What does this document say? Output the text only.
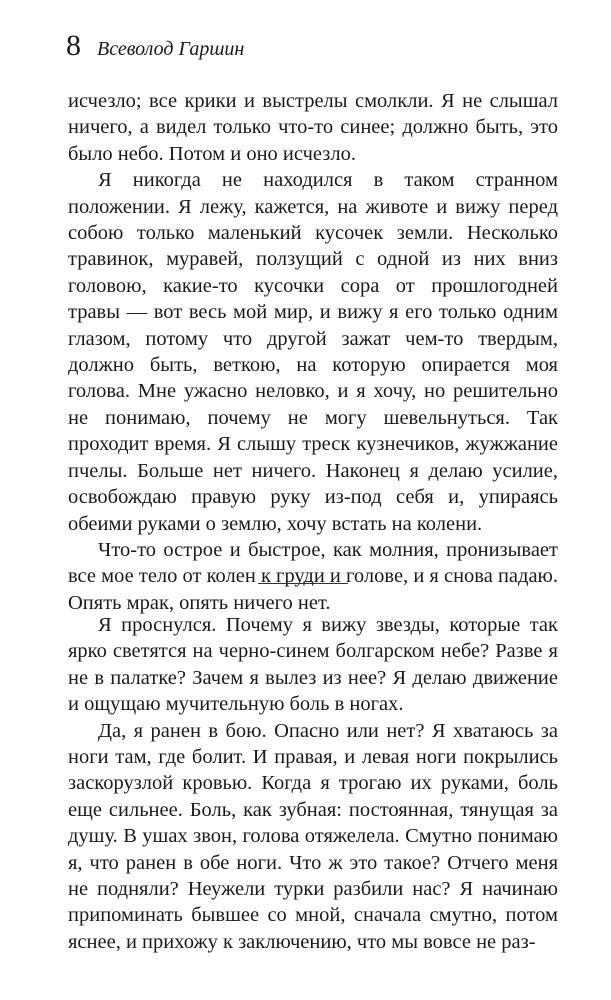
8 Всеволод Гаршин

исчезло; все крики и выстрелы смолкли. Я не слышал ничего, а видел только что-то синее; должно быть, это было небо. Потом и оно исчезло.

Я никогда не находился в таком странном положении. Я лежу, кажется, на животе и вижу перед собою только маленький кусочек земли. Несколько травинок, муравей, ползущий с одной из них вниз головою, какие-то кусочки сора от прошлогодней травы — вот весь мой мир, и вижу я его только одним глазом, потому что другой зажат чем-то твердым, должно быть, веткою, на которую опирается моя голова. Мне ужасно неловко, и я хочу, но решительно не понимаю, почему не могу шевельнуться. Так проходит время. Я слышу треск кузнечиков, жужжание пчелы. Больше нет ничего. Наконец я делаю усилие, освобождаю правую руку из-под себя и, упираясь обеими руками о землю, хочу встать на колени.

Что-то острое и быстрое, как молния, пронизывает все мое тело от колен к груди и голове, и я снова падаю. Опять мрак, опять ничего нет.

Я проснулся. Почему я вижу звезды, которые так ярко светятся на черно-синем болгарском небе? Разве я не в палатке? Зачем я вылез из нее? Я делаю движение и ощущаю мучительную боль в ногах.

Да, я ранен в бою. Опасно или нет? Я хватаюсь за ноги там, где болит. И правая, и левая ноги покрылись заскорузлой кровью. Когда я трогаю их руками, боль еще сильнее. Боль, как зубная: постоянная, тянущая за душу. В ушах звон, голова отяжелела. Смутно понимаю я, что ранен в обе ноги. Что ж это такое? Отчего меня не подняли? Неужели турки разбили нас? Я начинаю припоминать бывшее со мной, сначала смутно, потом яснее, и прихожу к заключению, что мы вовсе не раз-
